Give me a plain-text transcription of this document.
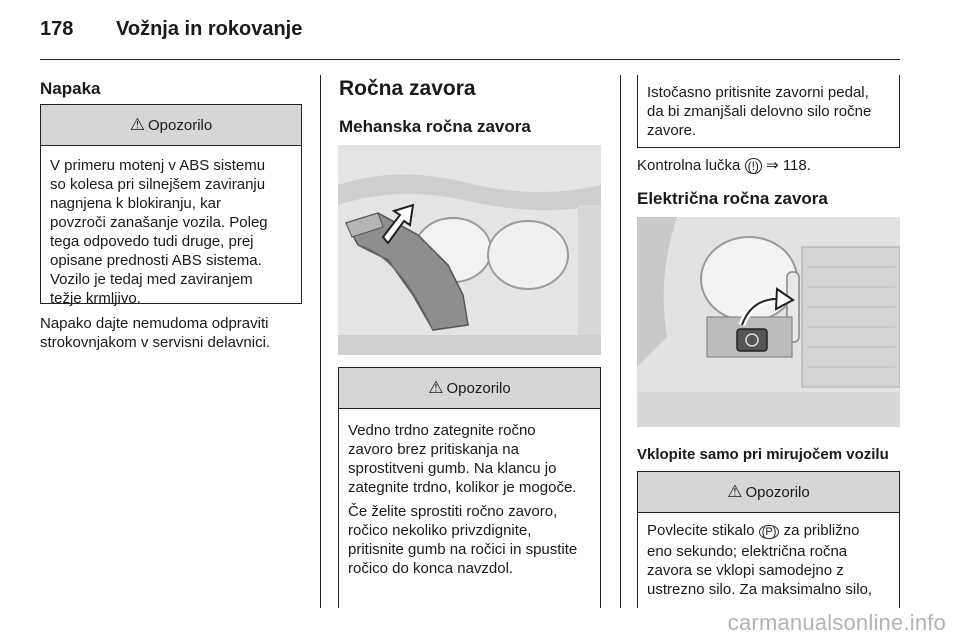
178 Vožnja in rokovanje
Napaka
⚠ Opozorilo
V primeru motenj v ABS sistemu
so kolesa pri silnejšem zaviranju
nagnjena k blokiranju, kar
povzroči zanašanje vozila. Poleg
tega odpovedo tudi druge, prej
opisane prednosti ABS sistema.
Vozilo je tedaj med zaviranjem
težje krmljivo.
Napako dajte nemudoma odpraviti
strokovnjakom v servisni delavnici.
Ročna zavora
Mehanska ročna zavora
⚠ Opozorilo

Vedno trdno zategnite ročno
zavoro brez pritiskanja na
sprostitveni gumb. Na klancu jo
zategnite trdno, kolikor je mogoče.

Če želite sprostiti ročno zavoro,
ročico nekoliko privzdignite,
pritisnite gumb na ročici in spustite
ročico do konca navzdol.

Istočasno pritisnite zavorni pedal,
da bi zmanjšali delovno silo ročne
zavore.
Kontrolna lučka (!) ⇒ 118.
Električna ročna zavora
Vklopite samo pri mirujočem vozilu
⚠ Opozorilo
Povlecite stikalo (P) za približno
eno sekundo; električna ročna
zavora se vklopi samodejno z
ustrezno silo. Za maksimalno silo,
carmanualsonline.info
